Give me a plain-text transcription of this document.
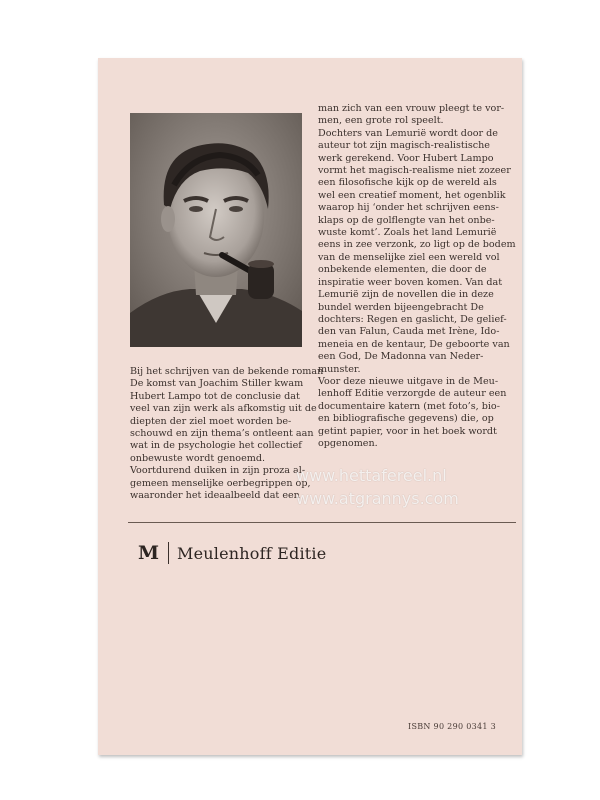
Bij het schrijven van de bekende roman
De komst van Joachim Stiller kwam
Hubert Lampo tot de conclusie dat
veel van zijn werk als afkomstig uit de
diepten der ziel moet worden be-
schouwd en zijn thema’s ontleent aan
wat in de psychologie het collectief
onbewuste wordt genoemd.
Voortdurend duiken in zijn proza al-
gemeen menselijke oerbegrippen op,
waaronder het ideaalbeeld dat een

man zich van een vrouw pleegt te vor-
men, een grote rol speelt.
Dochters van Lemurië wordt door de
auteur tot zijn magisch-realistische
werk gerekend. Voor Hubert Lampo
vormt het magisch-realisme niet zozeer
een filosofische kijk op de wereld als
wel een creatief moment, het ogenblik
waarop hij ‘onder het schrijven eens-
klaps op de golflengte van het onbe-
wuste komt’. Zoals het land Lemurië
eens in zee verzonk, zo ligt op de bodem
van de menselijke ziel een wereld vol
onbekende elementen, die door de
inspiratie weer boven komen. Van dat
Lemurië zijn de novellen die in deze
bundel werden bijeengebracht De
dochters: Regen en gaslicht, De gelief-
den van Falun, Cauda met Irène, Ido-
meneia en de kentaur, De geboorte van
een God, De Madonna van Neder-
munster.
Voor deze nieuwe uitgave in de Meu-
lenhoff Editie verzorgde de auteur een
documentaire katern (met foto’s, bio-
en bibliografische gegevens) die, op
getint papier, voor in het boek wordt
opgenomen.

M Meulenhoff Editie
ISBN 90 290 0341 3
www.hettafereel.nl
www.atgrannys.com
